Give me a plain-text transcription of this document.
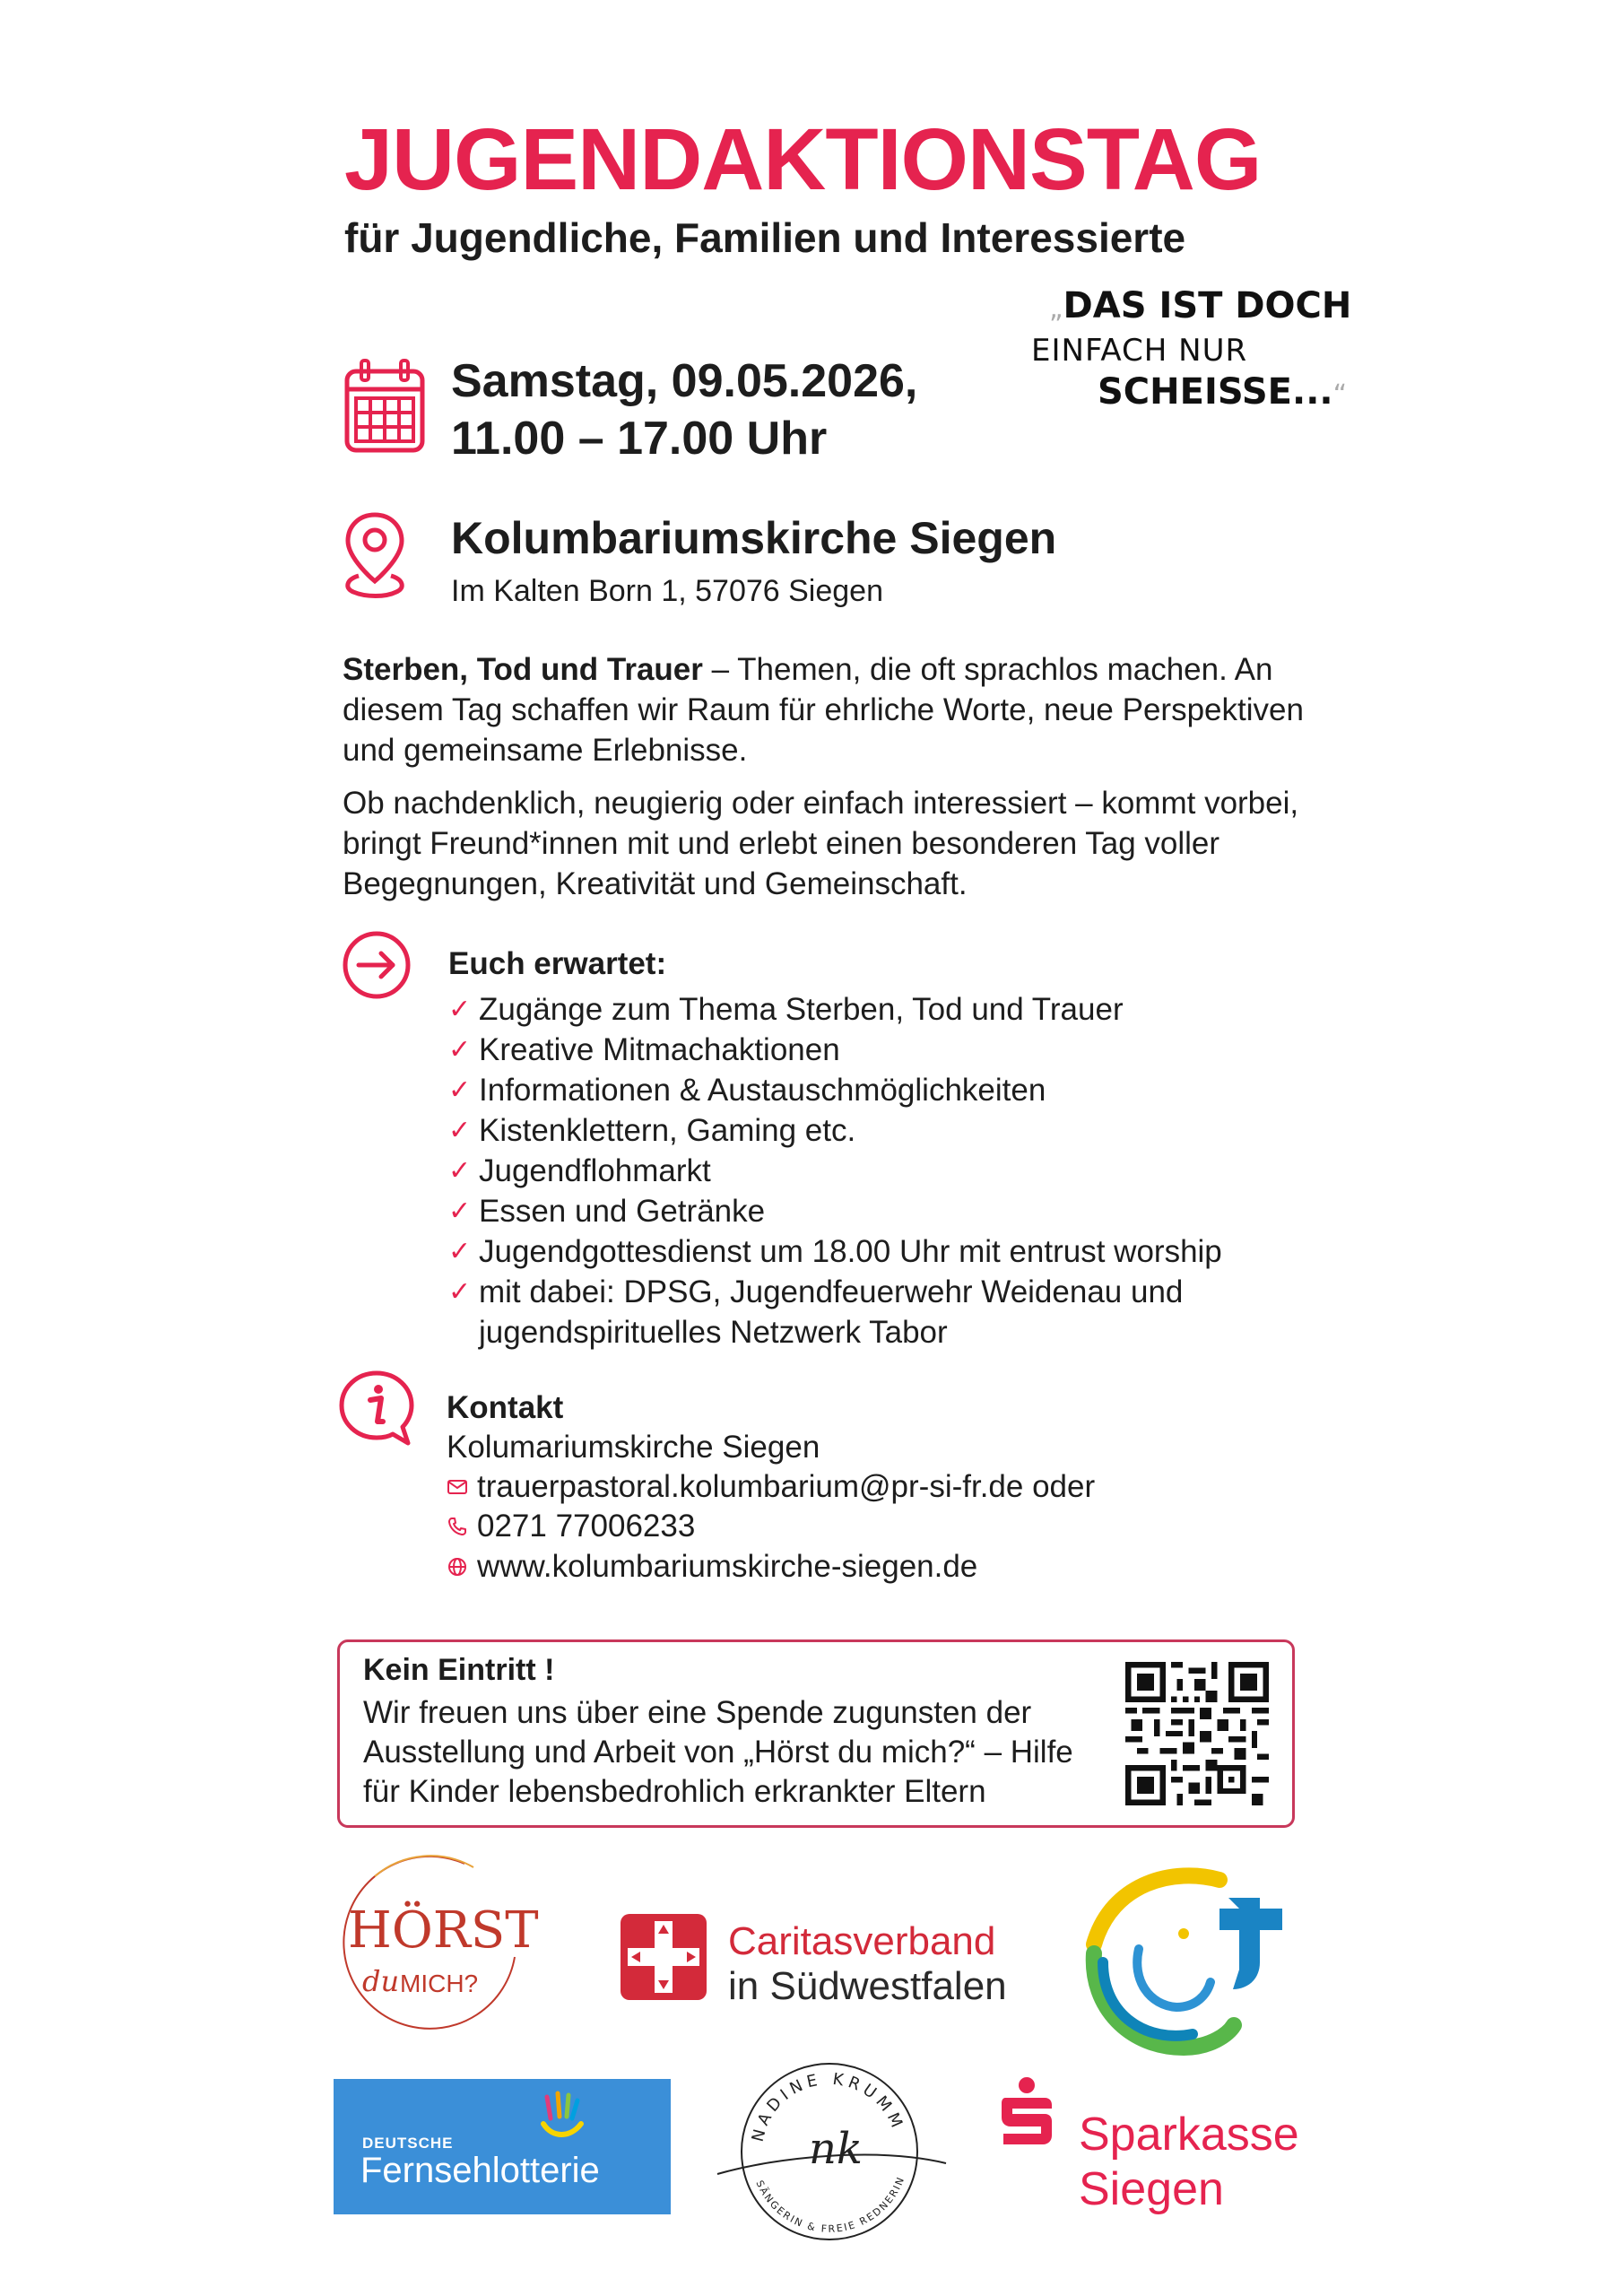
JUGENDAKTIONSTAG
für Jugendliche, Familien und Interessierte
„DAS IST DOCH
EINFACH NUR
SCHEISSE...“
Samstag, 09.05.2026,
11.00 – 17.00 Uhr
Kolumbariumskirche Siegen
Im Kalten Born 1, 57076 Siegen

Sterben, Tod und Trauer – Themen, die oft sprachlos machen. An diesem Tag schaffen wir Raum für ehrliche Worte, neue Perspektiven und gemeinsame Erlebnisse.

Ob nachdenklich, neugierig oder einfach interessiert – kommt vorbei, bringt Freund*innen mit und erlebt einen besonderen Tag voller Begegnungen, Kreativität und Gemeinschaft.

Euch erwartet:
✓ Zugänge zum Thema Sterben, Tod und Trauer
✓ Kreative Mitmachaktionen
✓ Informationen & Austauschmöglichkeiten
✓ Kistenklettern, Gaming etc.
✓ Jugendflohmarkt
✓ Essen und Getränke
✓ Jugendgottesdienst um 18.00 Uhr mit entrust worship
✓ mit dabei: DPSG, Jugendfeuerwehr Weidenau und jugendspirituelles Netzwerk Tabor
Kontakt
Kolumariumskirche Siegen
trauerpastoral.kolumbarium@pr-si-fr.de oder
0271 77006233
www.kolumbariumskirche-siegen.de
Kein Eintritt !
Wir freuen uns über eine Spende zugunsten der Ausstellung und Arbeit von „Hörst du mich?“ – Hilfe für Kinder lebensbedrohlich erkrankter Eltern
HÖRST
du MICH?
Caritasverband
in Südwestfalen
DEUTSCHE
Fernsehlotterie
NADINE KRUMM
SÄNGERIN & FREIE REDNERIN
nk	Sparkasse
Siegen
